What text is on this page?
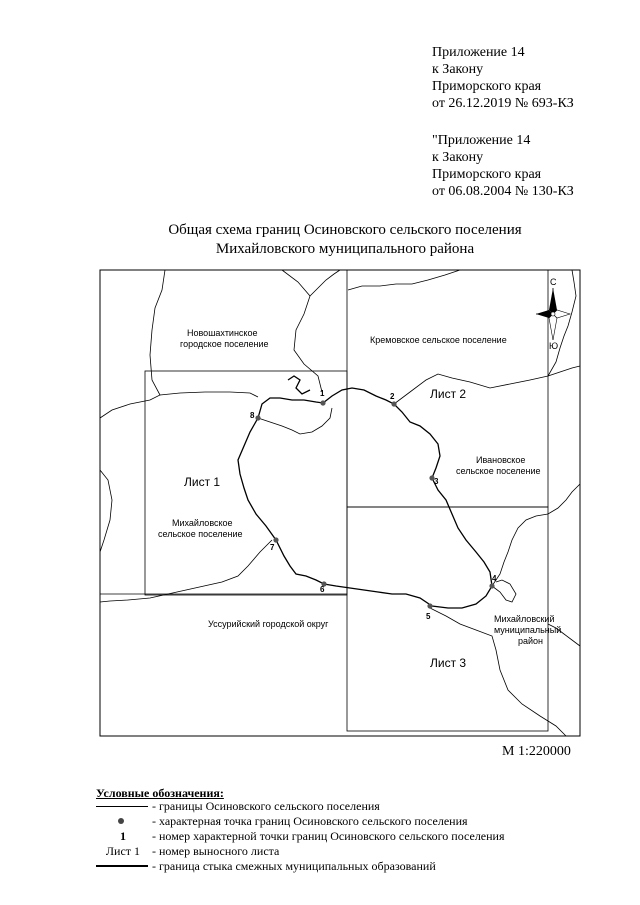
Приложение 14
к Закону
Приморского края
от 26.12.2019 № 693-КЗ
"Приложение 14
к Закону
Приморского края
от 06.08.2004 № 130-КЗ
Общая схема границ Осиновского сельского поселения
Михайловского муниципального района
1	2
3
4
5
6
7
8
Новошахтинское
городское поселение	Кремовское сельское поселение
Ивановское
сельское поселение
Михайловское
сельское поселение
Уссурийский городской округ	Михайловский
муниципальный
район
Лист 1
Лист 2
Лист 3
С
Ю
М 1:220000
Условные обозначения:
- границы Осиновского сельского поселения
- характерная точка границ Осиновского сельского поселения
1	- номер характерной точки границ Осиновского сельского поселения
Лист 1 - номер выносного листа
- граница стыка смежных муниципальных образований
